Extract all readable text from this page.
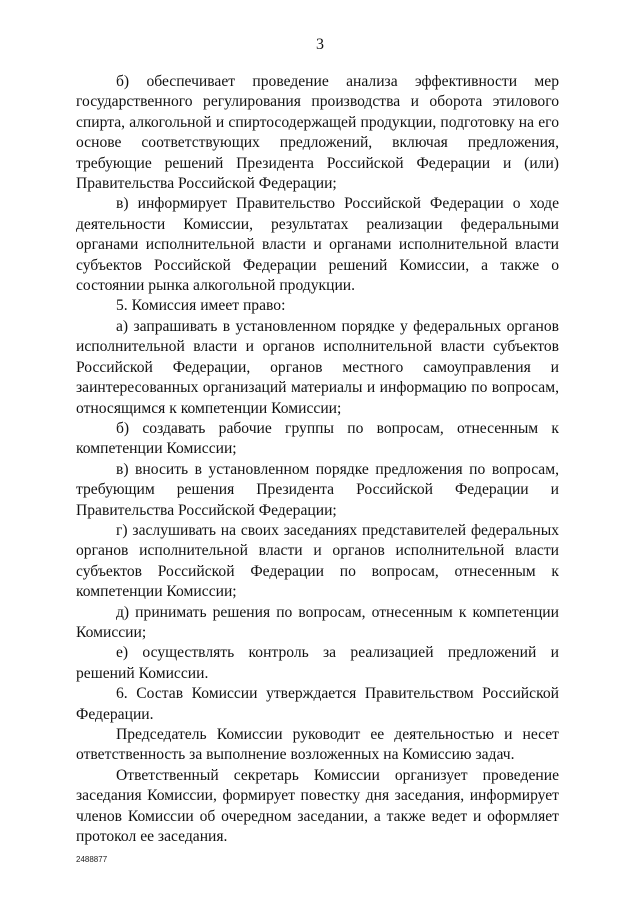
3

б) обеспечивает проведение анализа эффективности мер государственного регулирования производства и оборота этилового спирта, алкогольной и спиртосодержащей продукции, подготовку на его основе соответствующих предложений, включая предложения, требующие решений Президента Российской Федерации и (или) Правительства Российской Федерации;

в) информирует Правительство Российской Федерации о ходе деятельности Комиссии, результатах реализации федеральными органами исполнительной власти и органами исполнительной власти субъектов Российской Федерации решений Комиссии, а также о состоянии рынка алкогольной продукции.

5. Комиссия имеет право:

а) запрашивать в установленном порядке у федеральных органов исполнительной власти и органов исполнительной власти субъектов Российской Федерации, органов местного самоуправления и заинтересованных организаций материалы и информацию по вопросам, относящимся к компетенции Комиссии;

б) создавать рабочие группы по вопросам, отнесенным к компетенции Комиссии;

в) вносить в установленном порядке предложения по вопросам, требующим решения Президента Российской Федерации и Правительства Российской Федерации;

г) заслушивать на своих заседаниях представителей федеральных органов исполнительной власти и органов исполнительной власти субъектов Российской Федерации по вопросам, отнесенным к компетенции Комиссии;

д) принимать решения по вопросам, отнесенным к компетенции Комиссии;

е) осуществлять контроль за реализацией предложений и решений Комиссии.

6. Состав Комиссии утверждается Правительством Российской Федерации.

Председатель Комиссии руководит ее деятельностью и несет ответственность за выполнение возложенных на Комиссию задач.

Ответственный секретарь Комиссии организует проведение заседания Комиссии, формирует повестку дня заседания, информирует членов Комиссии об очередном заседании, а также ведет и оформляет протокол ее заседания.

2488877
